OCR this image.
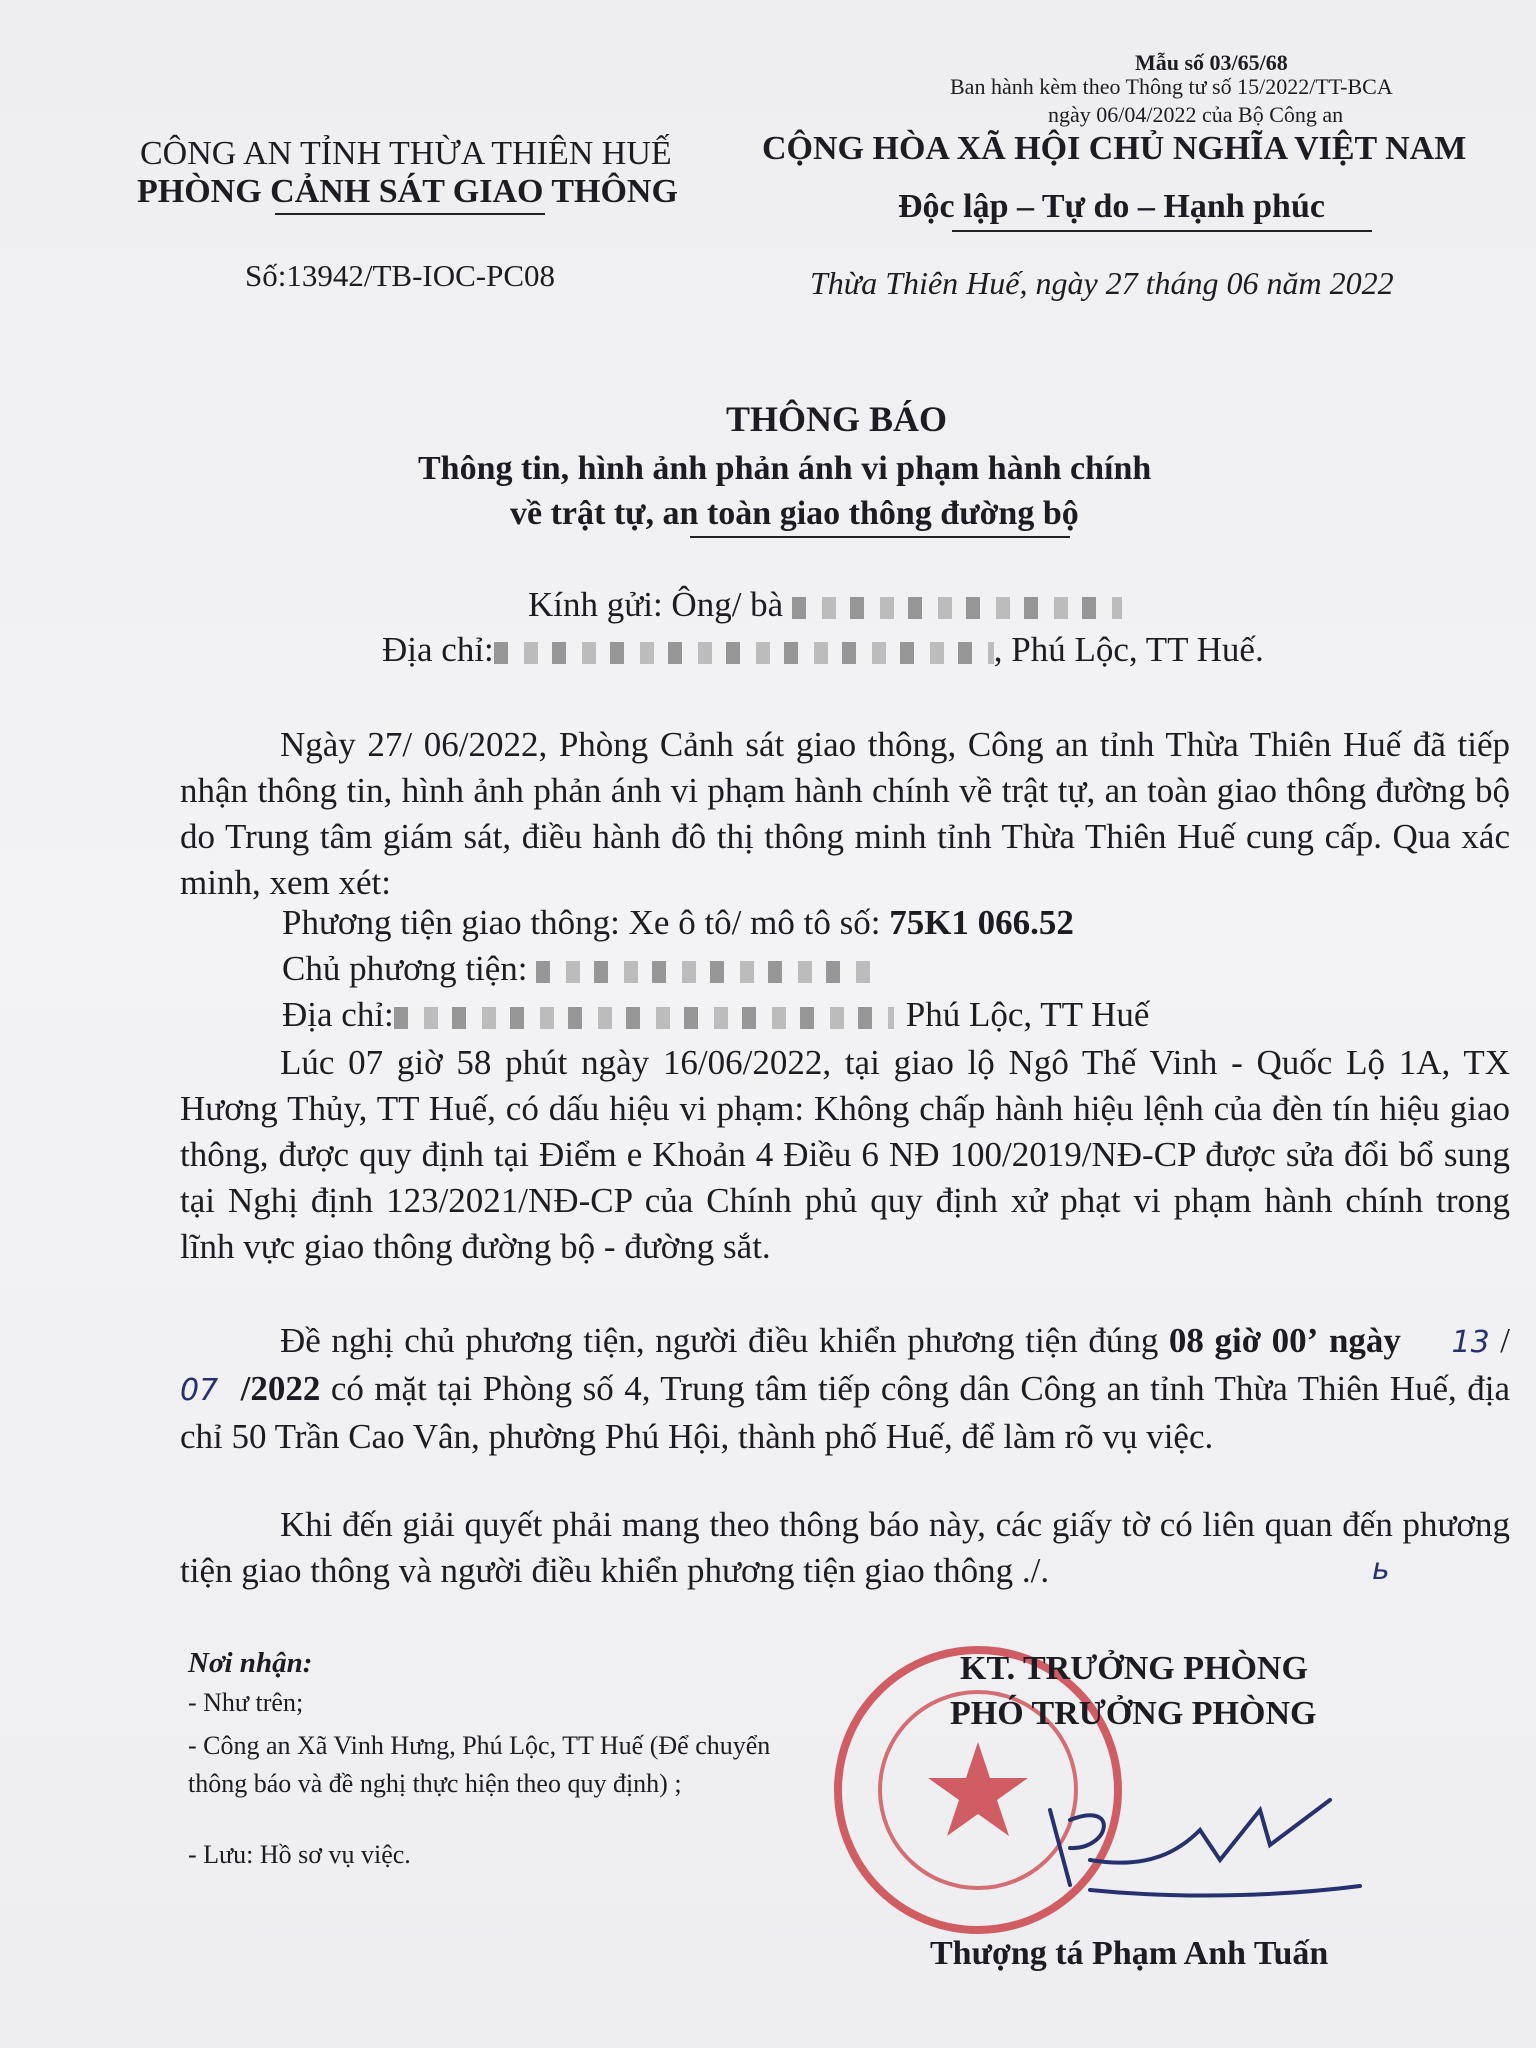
Mẫu số 03/65/68
Ban hành kèm theo Thông tư số 15/2022/TT-BCA
ngày 06/04/2022 của Bộ Công an
CÔNG AN TỈNH THỪA THIÊN HUẾ
PHÒNG CẢNH SÁT GIAO THÔNG
Số:13942/TB-IOC-PC08
CỘNG HÒA XÃ HỘI CHỦ NGHĨA VIỆT NAM
Độc lập – Tự do – Hạnh phúc
Thừa Thiên Huế, ngày 27 tháng 06 năm 2022
THÔNG BÁO
Thông tin, hình ảnh phản ánh vi phạm hành chính
về trật tự, an toàn giao thông đường bộ
Kính gửi: Ông/ bà
Địa chỉ:	, Phú Lộc, TT Huế.
Ngày 27/ 06/2022, Phòng Cảnh sát giao thông, Công an tỉnh Thừa Thiên Huế đã tiếp nhận thông tin, hình ảnh phản ánh vi phạm hành chính về trật tự, an toàn giao thông đường bộ do Trung tâm giám sát, điều hành đô thị thông minh tỉnh Thừa Thiên Huế cung cấp. Qua xác minh, xem xét:
Phương tiện giao thông: Xe ô tô/ mô tô số: 75K1 066.52
Chủ phương tiện:
Địa chỉ:	Phú Lộc, TT Huế
Lúc 07 giờ 58 phút ngày 16/06/2022, tại giao lộ Ngô Thế Vinh - Quốc Lộ 1A, TX Hương Thủy, TT Huế, có dấu hiệu vi phạm: Không chấp hành hiệu lệnh của đèn tín hiệu giao thông, được quy định tại Điểm e Khoản 4 Điều 6 NĐ 100/2019/NĐ-CP được sửa đổi bổ sung tại Nghị định 123/2021/NĐ-CP của Chính phủ quy định xử phạt vi phạm hành chính trong lĩnh vực giao thông đường bộ - đường sắt.
Đề nghị chủ phương tiện, người điều khiển phương tiện đúng 08 giờ 00’ ngày 13 / 07 /2022 có mặt tại Phòng số 4, Trung tâm tiếp công dân Công an tỉnh Thừa Thiên Huế, địa chỉ 50 Trần Cao Vân, phường Phú Hội, thành phố Huế, để làm rõ vụ việc.
Khi đến giải quyết phải mang theo thông báo này, các giấy tờ có liên quan đến phương tiện giao thông và người điều khiển phương tiện giao thông ./.	ь
Nơi nhận:
- Như trên;
- Công an Xã Vinh Hưng, Phú Lộc, TT Huế (Để chuyển thông báo và đề nghị thực hiện theo quy định) ;
- Lưu: Hồ sơ vụ việc.
KT. TRƯỞNG PHÒNG
PHÓ TRƯỞNG PHÒNG
Thượng tá Phạm Anh Tuấn
